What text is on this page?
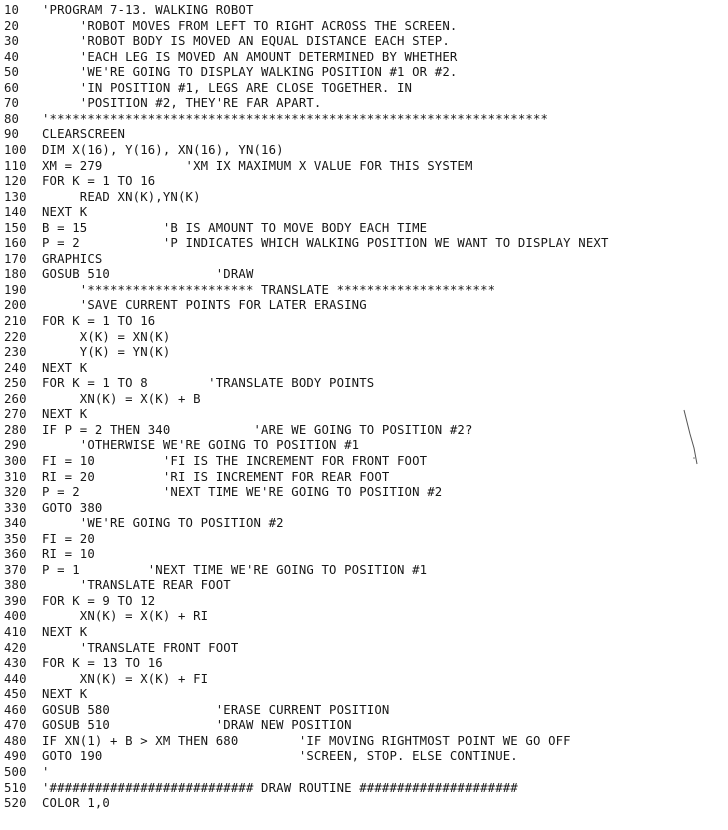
10 'PROGRAM 7-13. WALKING ROBOT
20     'ROBOT MOVES FROM LEFT TO RIGHT ACROSS THE SCREEN.
30     'ROBOT BODY IS MOVED AN EQUAL DISTANCE EACH STEP.
40     'EACH LEG IS MOVED AN AMOUNT DETERMINED BY WHETHER
50     'WE'RE GOING TO DISPLAY WALKING POSITION #1 OR #2.
60     'IN POSITION #1, LEGS ARE CLOSE TOGETHER. IN
70     'POSITION #2, THEY'RE FAR APART.
80 '******************************************************************
90 CLEARSCREEN
100 DIM X(16), Y(16), XN(16), YN(16)
110 XM = 279           'XM IX MAXIMUM X VALUE FOR THIS SYSTEM
120 FOR K = 1 TO 16
130     READ XN(K),YN(K)
140 NEXT K
150 B = 15          'B IS AMOUNT TO MOVE BODY EACH TIME
160 P = 2           'P INDICATES WHICH WALKING POSITION WE WANT TO DISPLAY NEXT
170 GRAPHICS
180 GOSUB 510              'DRAW
190     '********************** TRANSLATE *********************
200     'SAVE CURRENT POINTS FOR LATER ERASING
210 FOR K = 1 TO 16
220     X(K) = XN(K)
230     Y(K) = YN(K)
240 NEXT K
250 FOR K = 1 TO 8        'TRANSLATE BODY POINTS
260     XN(K) = X(K) + B
270 NEXT K
280 IF P = 2 THEN 340           'ARE WE GOING TO POSITION #2?
290     'OTHERWISE WE'RE GOING TO POSITION #1
300 FI = 10         'FI IS THE INCREMENT FOR FRONT FOOT
310 RI = 20         'RI IS INCREMENT FOR REAR FOOT
320 P = 2           'NEXT TIME WE'RE GOING TO POSITION #2
330 GOTO 380
340     'WE'RE GOING TO POSITION #2
350 FI = 20
360 RI = 10
370 P = 1         'NEXT TIME WE'RE GOING TO POSITION #1
380     'TRANSLATE REAR FOOT
390 FOR K = 9 TO 12
400     XN(K) = X(K) + RI
410 NEXT K
420     'TRANSLATE FRONT FOOT
430 FOR K = 13 TO 16
440     XN(K) = X(K) + FI
450 NEXT K
460 GOSUB 580              'ERASE CURRENT POSITION
470 GOSUB 510              'DRAW NEW POSITION
480 IF XN(1) + B > XM THEN 680        'IF MOVING RIGHTMOST POINT WE GO OFF
490 GOTO 190                          'SCREEN, STOP. ELSE CONTINUE.
500 '
510 '########################### DRAW ROUTINE #####################
520 COLOR 1,0
